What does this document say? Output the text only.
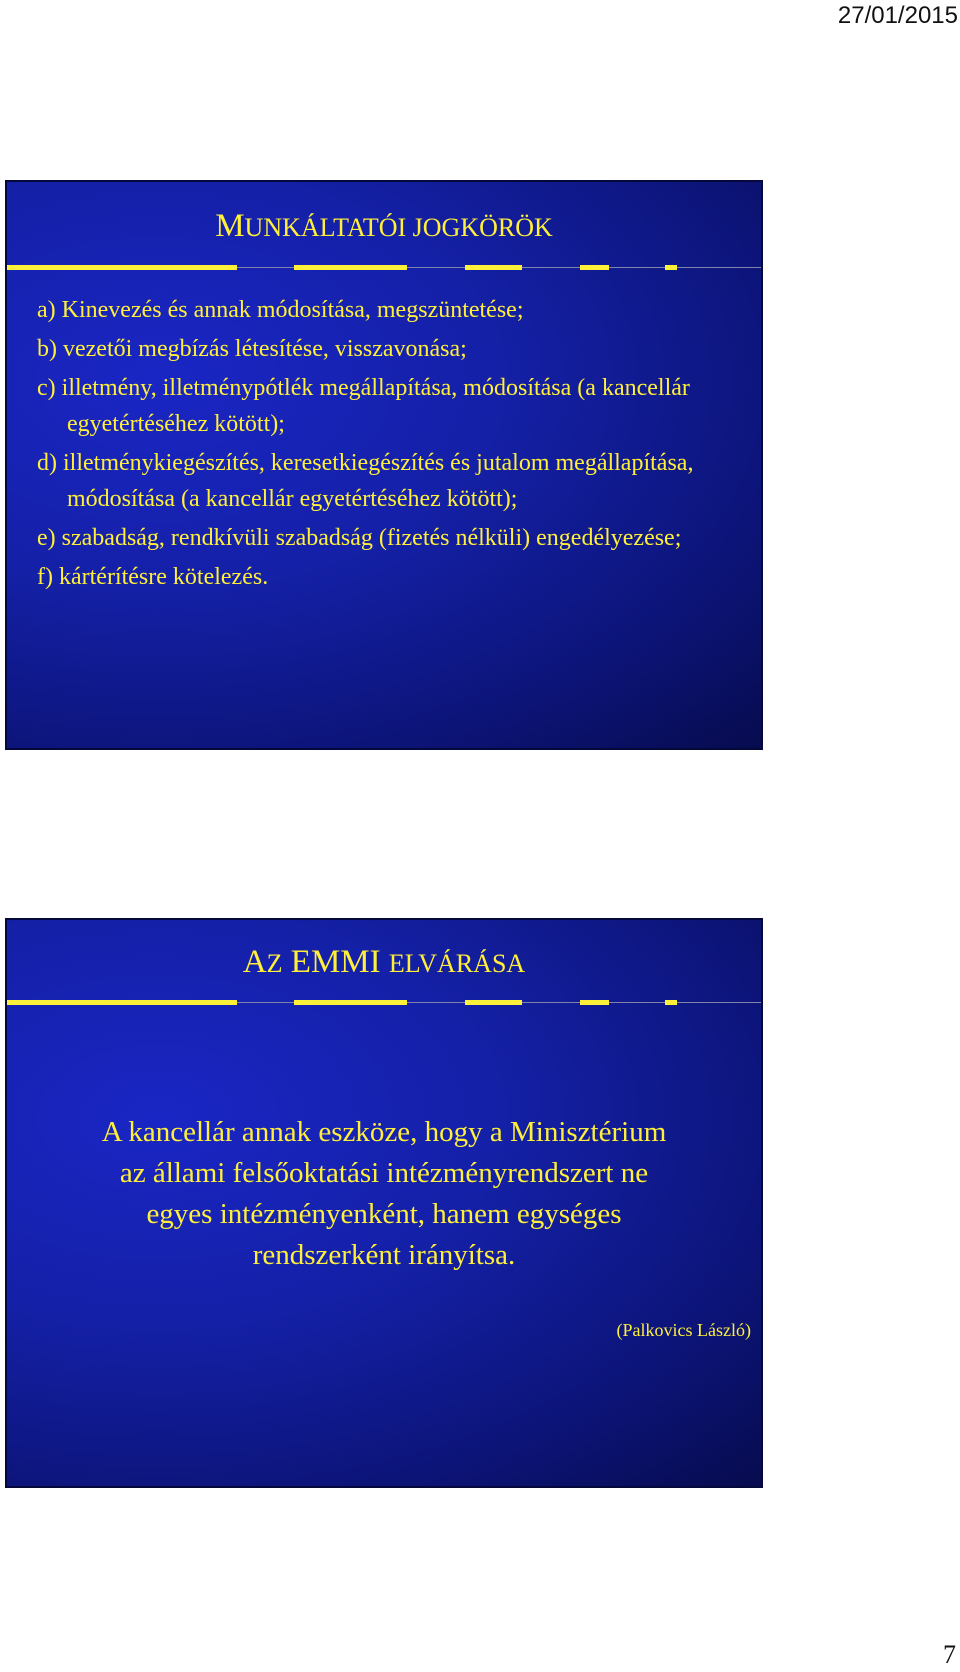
27/01/2015
MUNKÁLTATÓI JOGKÖRÖK
a) Kinevezés és annak módosítása, megszüntetése;
b) vezetői megbízás létesítése, visszavonása;
c) illetmény, illetménypótlék megállapítása, módosítása (a kancellár egyetértéséhez kötött);
d) illetménykiegészítés, keresetkiegészítés és jutalom megállapítása, módosítása (a kancellár egyetértéséhez kötött);
e) szabadság, rendkívüli szabadság (fizetés nélküli) engedélyezése;
f) kártérítésre kötelezés.
AZ EMMI ELVÁRÁSA
A kancellár annak eszköze, hogy a Minisztérium
az állami felsőoktatási intézményrendszert ne
egyes intézményenként, hanem egységes
rendszerként irányítsa.
(Palkovics László)
7
